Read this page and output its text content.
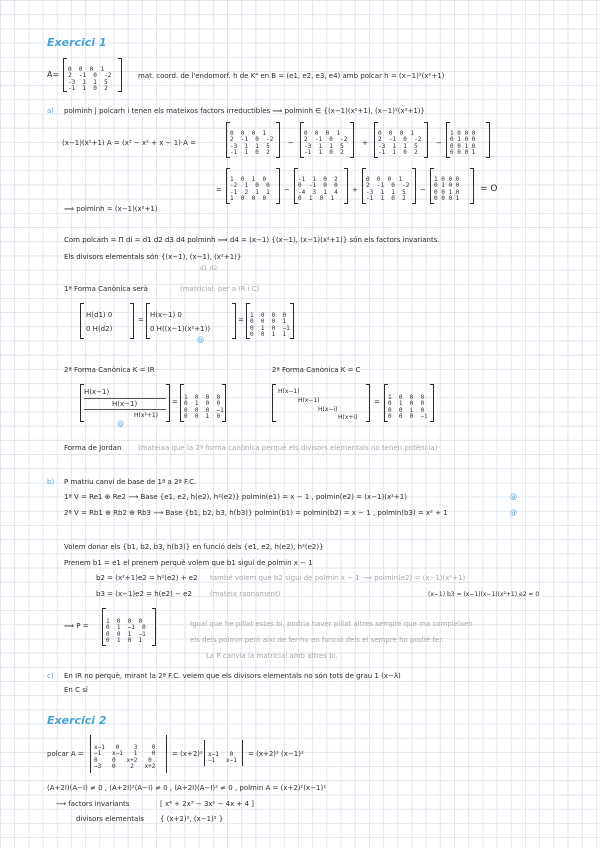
Exercici 1
A=

0  0  0  1
2  -1  0  -2
-3  1  1  5
-1  1  0  2
mat. coord. de l'endomorf. h de K⁴ en B = (e1, e2, e3, e4) amb polcar h = (x−1)²(x²+1)
a) polminh | polcarh i tenen els mateixos factors irreductibles ⟹ polminh ∈ {(x−1)(x²+1), (x−1)²(x²+1)}
(x−1)(x²+1) A = (x³ − x² + x − 1)·A =

0  0  0  1
2  -1  0  -2
-3  1  1  5
-1  1  0  2
−

0  0  0  1
2  -1  0  -2
-3  1  1  5
-1  1  0  2
+

0  0  0  1
2  -1  0  -2
-3  1  1  5
-1  1  0  2
−

1 0 0 0
0 1 0 0
0 0 1 0
0 0 0 1
=

1  0  1  0
-2  1  0  0
-1  2  1  1
1  0  0  0
−

-1  1  0  2
0  -1  0  0
-4  3  1  4
0  1  0  1
+

0  0  0  1
2  -1  0  -2
-3  1  1  5
-1  1  0  2
−

1 0 0 0
0 1 0 0
0 0 1 0
0 0 0 1
= O
⟹ polminh = (x−1)(x²+1)
Com polcarh = Π di = d1 d2 d3 d4 polminh ⟹ d4 = (x−1) {(x−1), (x−1)(x²+1)} són els factors invariants.
Els divisors elementals són {(x−1), (x−1), (x²+1)}
d1 d2
1ª Forma Canònica serà	(matricial, per a IR i C)
H(d1) 0
0 H(d2)
=
H(x−1) 0
0 H((x−1)(x²+1))
=

1  0  0  0
0  0  0  1
0  1  0  −1
0  0  1  1
@
2ª Forma Canònica K = IR	2ª Forma Canònica K = C
H(x−1)
H(x−1)
H(x²+1)
=

1  0  0  0
0  1  0  0
0  0  0  −1
0  0  1  0
@
H(x−1)
H(x−1)
H(x−i)
H(x+i)
=

1  0  0  0
0  1  0  0
0  0  i  0
0  0  0  −i
Forma de Jordan (mateixa que la 2ª forma canònica perquè els divisors elementals no tenen potència)
b) P matriu canvi de base de 1ª a 2ª F.C.
1ª V = Re1 ⊕ Re2 ⟶ Base {e1, e2, h(e2), h²(e2)} polmin(e1) = x − 1 , polmin(e2) = (x−1)(x²+1)	@
2ª V = Rb1 ⊕ Rb2 ⊕ Rb3 ⟶ Base {b1, b2, b3, h(b3)} polmin(b1) = polmin(b2) = x − 1 , polmin(b3) = x² + 1	@
Volem donar els {b1, b2, b3, h(b3)} en funció dels {e1, e2, h(e2), h²(e2)}
Prenem b1 = e1 el prenem perquè volem que b1 sigui de polmin x − 1
b2 = (x²+1)e2 = h²(e2) + e2 també volem que b2 sigui de polmin x − 1 ⟶ polmin(e2) = (x−1)(x²+1)
b3 = (x−1)e2 = h(e2) − e2	(mateix raonament)	(x−1) b3 = (x−1)(x−1)(x²+1) e2 = 0
⟹ P =

1  0  0  0
0  1  −1  0
0  0  1  −1
0  1  0  1
Igual que he pillat estes bi, podria haver pillat altres sempre que ma compleixen
els dels polmin però així de fer-ho en funció dels ei sempre ho podré fer.
La P canvia la matricial amb altres bi.
c) En IR no perquè, mirant la 2ª F.C. veiem que els divisors elementals no són tots de grau 1 (x−λ)
En C sí
Exercici 2
polcar A =

x−1   0    3    0
−1   x−1   1    0
0    0   x+2   0
−3   0    2   x+2
= (x+2)² x−1   0
−1   x−1
= (x+2)² (x−1)²
(A+2I)(A−I) ≠ 0 , (A+2I)²(A−I) ≠ 0 , (A+2I)(A−I)² ≠ 0 , polmin A = (x+2)²(x−1)²
⟶ factors invariants	[ x⁴ + 2x³ − 3x² − 4x + 4 ]
divisors elementals { (x+2)², (x−1)² }
